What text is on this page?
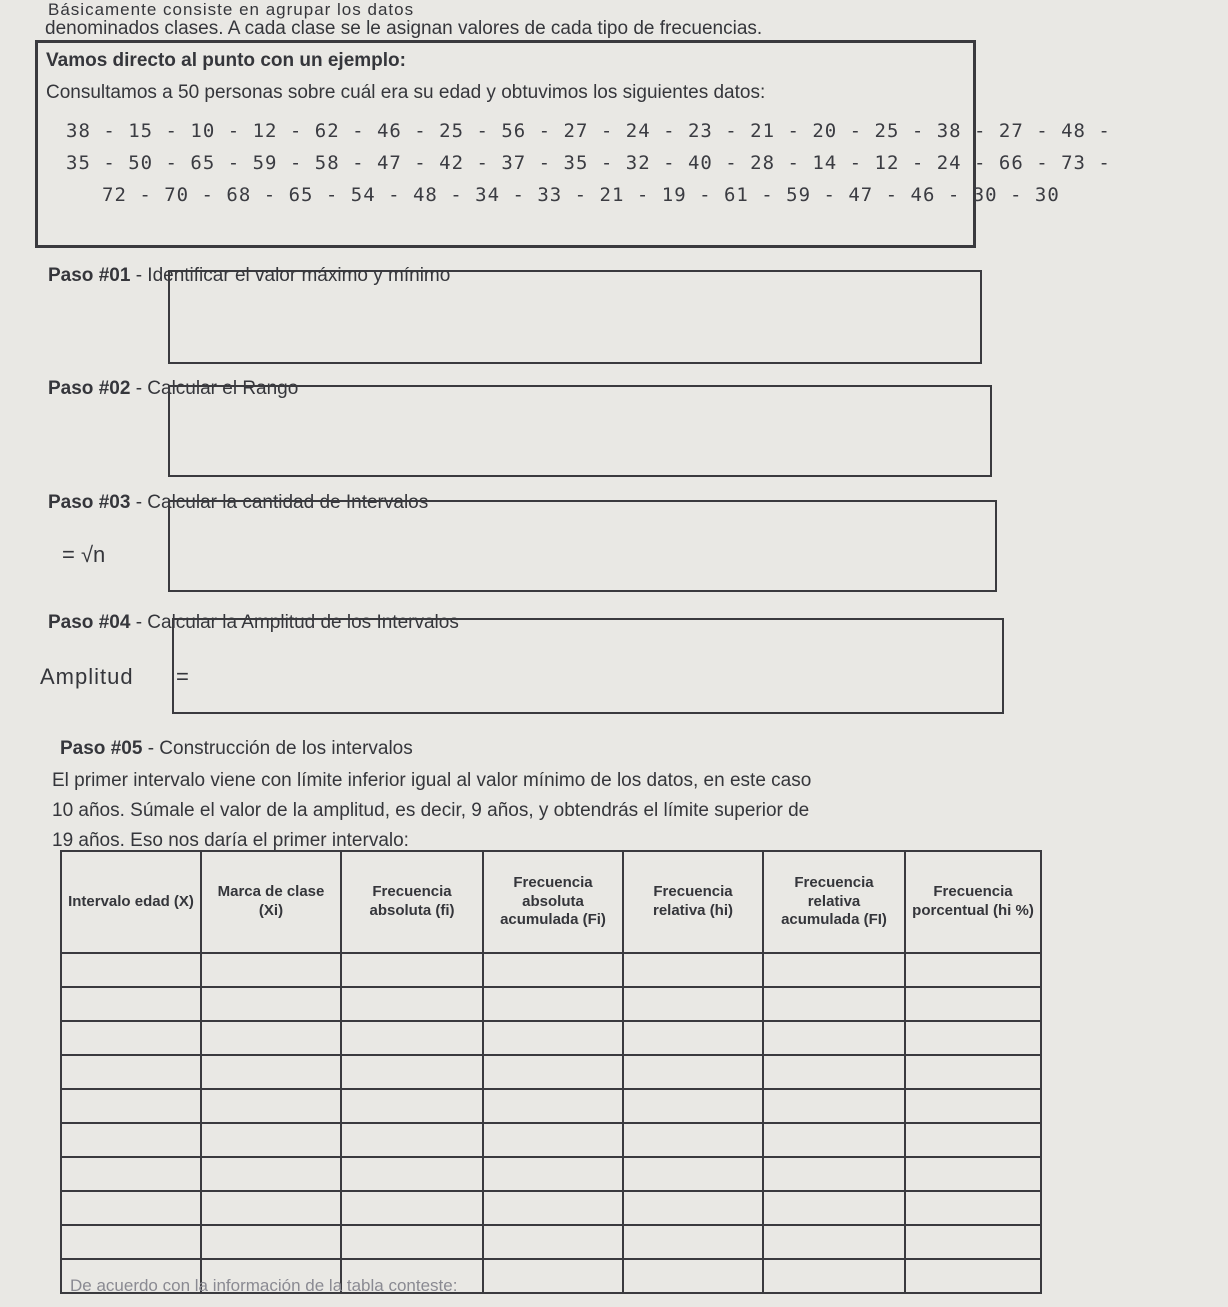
Básicamente consiste en agrupar los datos
denominados clases. A cada clase se le asignan valores de cada tipo de frecuencias.
Vamos directo al punto con un ejemplo:
Consultamos a 50 personas sobre cuál era su edad y obtuvimos los siguientes datos:
38 - 15 - 10 - 12 - 62 - 46 - 25 - 56 - 27 - 24 - 23 - 21 - 20 - 25 - 38 - 27 - 48 -
35 - 50 - 65 - 59 - 58 - 47 - 42 - 37 - 35 - 32 - 40 - 28 - 14 - 12 - 24 - 66 - 73 -
72 - 70 - 68 - 65 - 54 - 48 - 34 - 33 - 21 - 19 - 61 - 59 - 47 - 46 - 30 - 30
Paso #01 - Identificar el valor máximo y mínimo
Paso #02 - Calcular el Rango
Paso #03 - Calcular la cantidad de Intervalos
= √n
Paso #04 - Calcular la Amplitud de los Intervalos
Amplitud =
Paso #05 - Construcción de los intervalos
El primer intervalo viene con límite inferior igual al valor mínimo de los datos, en este caso
10 años. Súmale el valor de la amplitud, es decir, 9 años, y obtendrás el límite superior de
19 años. Eso nos daría el primer intervalo:
Intervalo edad (X)	Marca de clase (Xi)	Frecuencia absoluta (fi)	Frecuencia absoluta acumulada (Fi)	Frecuencia relativa (hi)	Frecuencia relativa acumulada (FI)	Frecuencia porcentual (hi %)

De acuerdo con la información de la tabla conteste:
